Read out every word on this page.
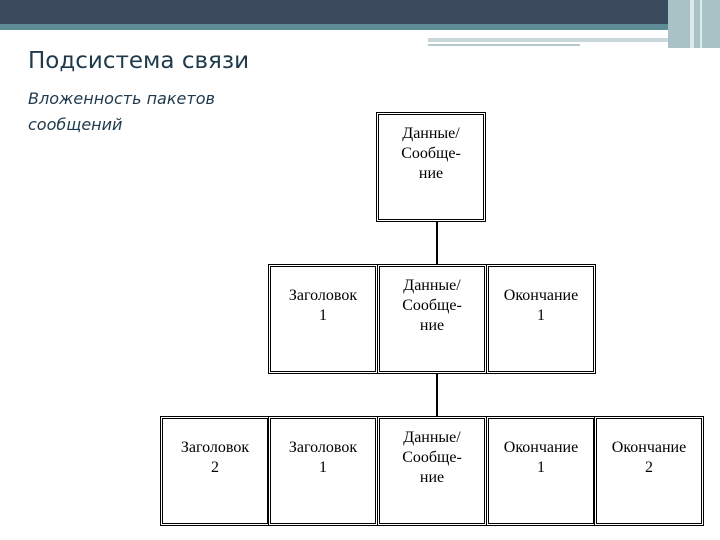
Подсистема связи
Вложенность пакетов сообщений	Данные/
Сообще-
ние
Заголовок
1
Данные/
Сообще-
ние
Окончание
1
Заголовок
2
Заголовок
1
Данные/
Сообще-
ние
Окончание
1
Окончание
2
